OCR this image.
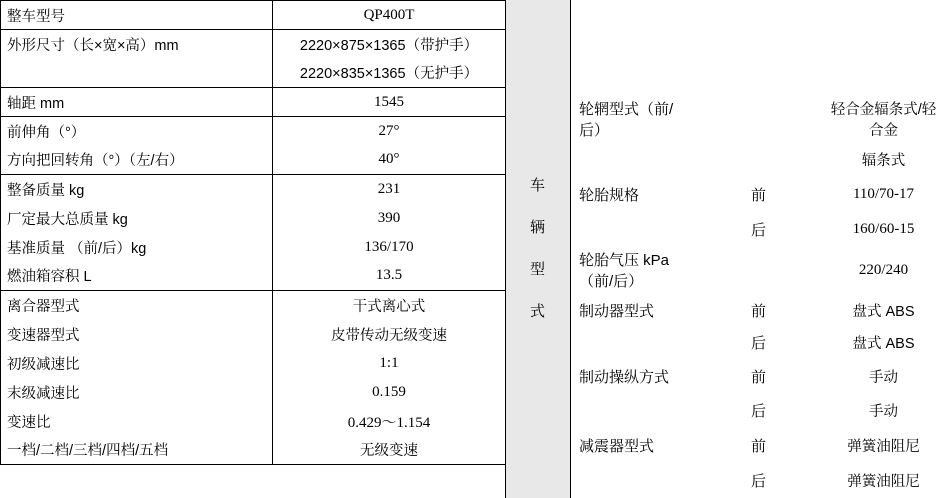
整车型号	QP400T
外形尺寸（长×宽×高）mm	2220×875×1365（带护手）
	2220×835×1365（无护手）
轴距 mm	1545
前伸角（°）	27°
方向把回转角（°）（左/右）	40°
整备质量 kg	231
厂定最大总质量 kg	390
基准质量 （前/后）kg	136/170
燃油箱容积 L	13.5
离合器型式	干式离心式
变速器型式	皮带传动无级变速
初级减速比	1:1
末级减速比	0.159
变速比	0.429～1.154
一档/二档/三档/四档/五档	无级变速
车
辆
型
式

轮辋型式（前/后）		轻合金辐条式/轻合金
		辐条式
轮胎规格	前	110/70-17
	后	160/60-15
轮胎气压 kPa（前/后）		220/240
制动器型式	前	盘式 ABS
	后	盘式 ABS
制动操纵方式	前	手动
	后	手动
减震器型式	前	弹簧油阻尼
	后	弹簧油阻尼
